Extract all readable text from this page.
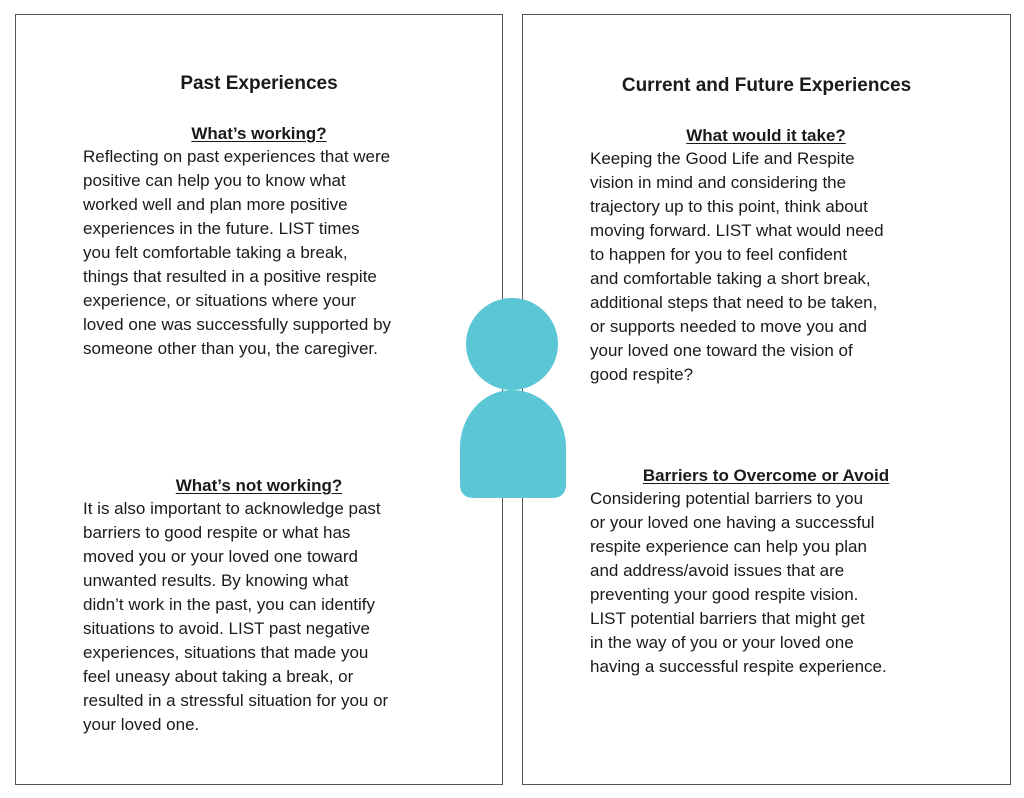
Past Experiences

What’s working?

Reflecting on past experiences that were
positive can help you to know what
worked well and plan more positive
experiences in the future. LIST times
you felt comfortable taking a break,
things that resulted in a positive respite
experience, or situations where your
loved one was successfully supported by
someone other than you, the caregiver.

What’s not working?

It is also important to acknowledge past
barriers to good respite or what has
moved you or your loved one toward
unwanted results. By knowing what
didn’t work in the past, you can identify
situations to avoid. LIST past negative
experiences, situations that made you
feel uneasy about taking a break, or
resulted in a stressful situation for you or
your loved one.

Current and Future Experiences

What would it take?

Keeping the Good Life and Respite
vision in mind and considering the
trajectory up to this point, think about
moving forward. LIST what would need
to happen for you to feel confident
and comfortable taking a short break,
additional steps that need to be taken,
or supports needed to move you and
your loved one toward the vision of
good respite?

Barriers to Overcome or Avoid

Considering potential barriers to you
or your loved one having a successful
respite experience can help you plan
and address/avoid issues that are
preventing your good respite vision.
LIST potential barriers that might get
in the way of you or your loved one
having a successful respite experience.
